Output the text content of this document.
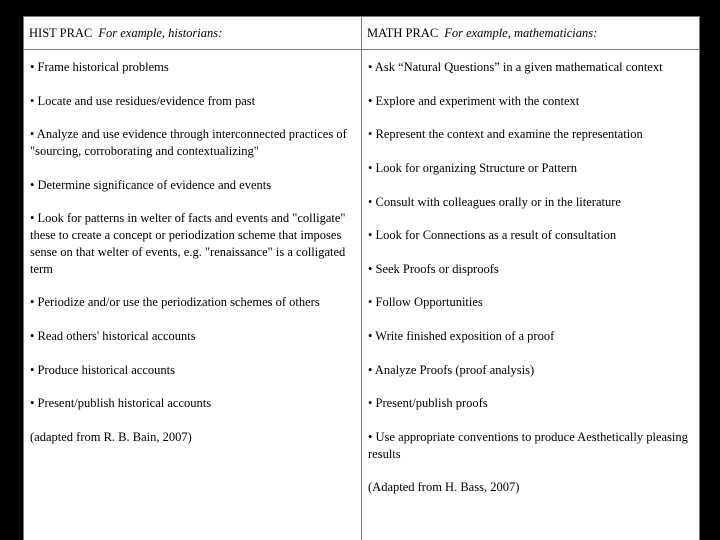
HIST PRAC For example, historians:
• Frame historical problems
• Locate and use residues/evidence from past
• Analyze and use evidence through interconnected practices of "sourcing, corroborating and contextualizing"
• Determine significance of evidence and events
• Look for patterns in welter of facts and events and "colligate" these to create a concept or periodization scheme that imposes sense on that welter of events, e.g. "renaissance" is a colligated term
• Periodize and/or use the periodization schemes of others
• Read others' historical accounts
• Produce historical accounts
• Present/publish historical accounts
(adapted from R. B. Bain, 2007)
MATH PRAC For example, mathematicians:
• Ask “Natural Questions” in a given mathematical context
• Explore and experiment with the context
• Represent the context and examine the representation
• Look for organizing Structure or Pattern
• Consult with colleagues orally or in the literature
• Look for Connections as a result of consultation
• Seek Proofs or disproofs
• Follow Opportunities
• Write finished exposition of a proof
• Analyze Proofs (proof analysis)
• Present/publish proofs
• Use appropriate conventions to produce Aesthetically pleasing results
(Adapted from H. Bass, 2007)
